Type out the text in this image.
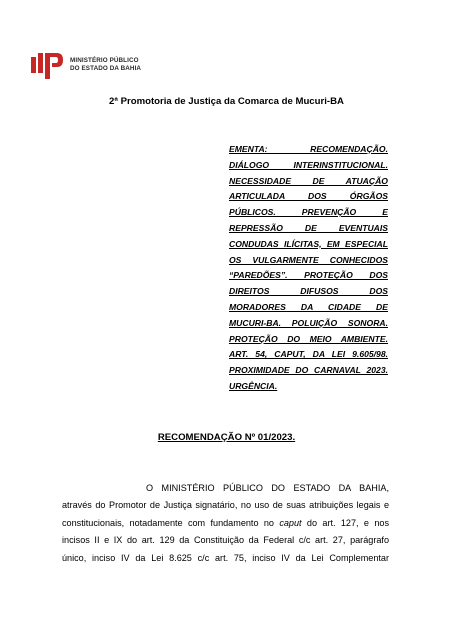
MINISTÉRIO PÚBLICO
DO ESTADO DA BAHIA
2ª Promotoria de Justiça da Comarca de Mucuri-BA
EMENTA: RECOMENDAÇÃO.
DIÁLOGO INTERINSTITUCIONAL.
NECESSIDADE DE ATUAÇÃO
ARTICULADA DOS ÓRGÃOS
PÚBLICOS. PREVENÇÃO E
REPRESSÃO DE EVENTUAIS
CONDUDAS ILÍCITAS, EM ESPECIAL
OS VULGARMENTE CONHECIDOS
“PAREDÕES”. PROTEÇÃO DOS
DIREITOS DIFUSOS DOS
MORADORES DA CIDADE DE
MUCURI-BA. POLUIÇÃO SONORA.
PROTEÇÃO DO MEIO AMBIENTE.
ART. 54, CAPUT, DA LEI 9.605/98.
PROXIMIDADE DO CARNAVAL 2023.
URGÊNCIA.
RECOMENDAÇÃO Nº 01/2023.
O MINISTÉRIO PÚBLICO DO ESTADO DA BAHIA,
através do Promotor de Justiça signatário, no uso de suas atribuições legais e
constitucionais, notadamente com fundamento no caput do art. 127, e nos
incisos II e IX do art. 129 da Constituição da Federal c/c art. 27, parágrafo
único, inciso IV da Lei 8.625 c/c art. 75, inciso IV da Lei Complementar
